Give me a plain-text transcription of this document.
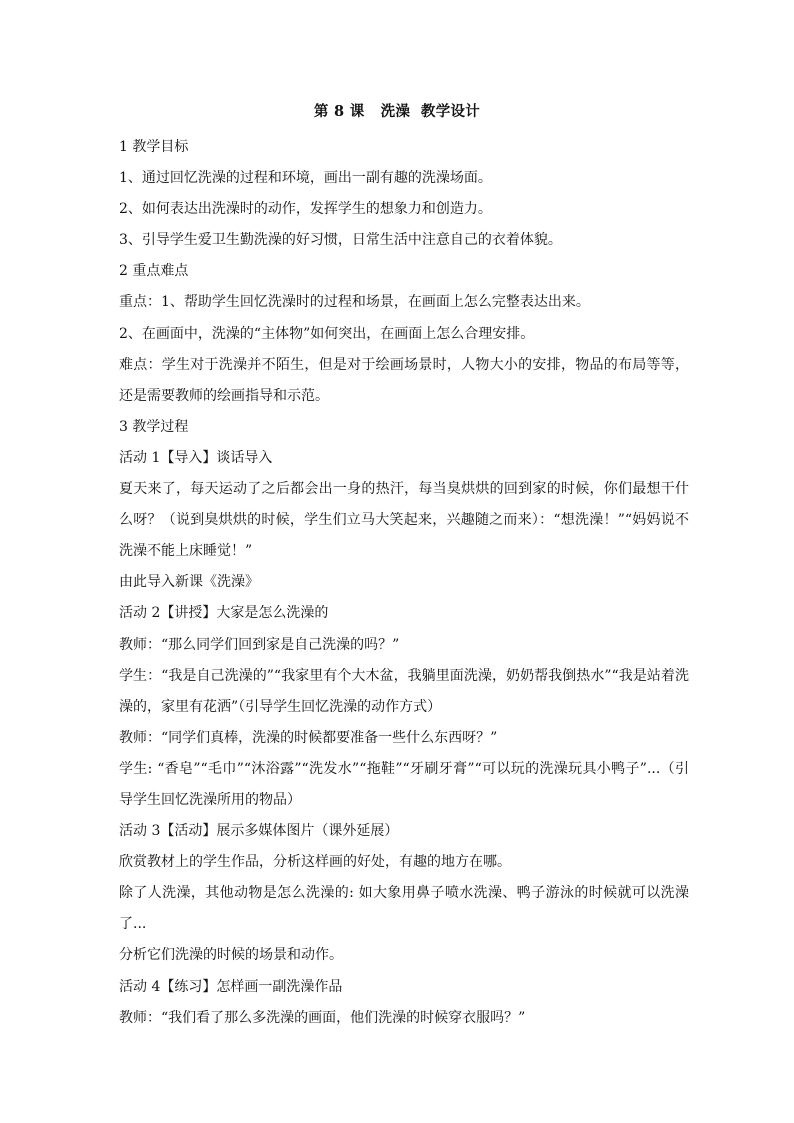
第 8 课   洗澡  教学设计

1 教学目标

1、通过回忆洗澡的过程和环境，画出一副有趣的洗澡场面。

2、如何表达出洗澡时的动作，发挥学生的想象力和创造力。

3、引导学生爱卫生勤洗澡的好习惯，日常生活中注意自己的衣着体貌。

2 重点难点

重点：1、帮助学生回忆洗澡时的过程和场景，在画面上怎么完整表达出来。

2、在画面中，洗澡的“主体物”如何突出，在画面上怎么合理安排。

难点：学生对于洗澡并不陌生，但是对于绘画场景时，人物大小的安排，物品的布局等等，还是需要教师的绘画指导和示范。

3 教学过程

活动 1【导入】谈话导入

夏天来了，每天运动了之后都会出一身的热汗，每当臭烘烘的回到家的时候，你们最想干什么呀？（说到臭烘烘的时候，学生们立马大笑起来，兴趣随之而来）：“想洗澡！”“妈妈说不洗澡不能上床睡觉！”

由此导入新课《洗澡》

活动 2【讲授】大家是怎么洗澡的

教师：“那么同学们回到家是自己洗澡的吗？”

学生：“我是自己洗澡的”“我家里有个大木盆，我躺里面洗澡，奶奶帮我倒热水”“我是站着洗澡的，家里有花洒”（引导学生回忆洗澡的动作方式）

教师：“同学们真棒，洗澡的时候都要准备一些什么东西呀？”

学生: “香皂”“毛巾”“沐浴露”“洗发水”“拖鞋”“牙刷牙膏”“可以玩的洗澡玩具小鸭子”...（引导学生回忆洗澡所用的物品）

活动 3【活动】展示多媒体图片（课外延展）

欣赏教材上的学生作品，分析这样画的好处，有趣的地方在哪。

除了人洗澡，其他动物是怎么洗澡的: 如大象用鼻子喷水洗澡、鸭子游泳的时候就可以洗澡了...

分析它们洗澡的时候的场景和动作。

活动 4【练习】怎样画一副洗澡作品

教师：“我们看了那么多洗澡的画面，他们洗澡的时候穿衣服吗？”
